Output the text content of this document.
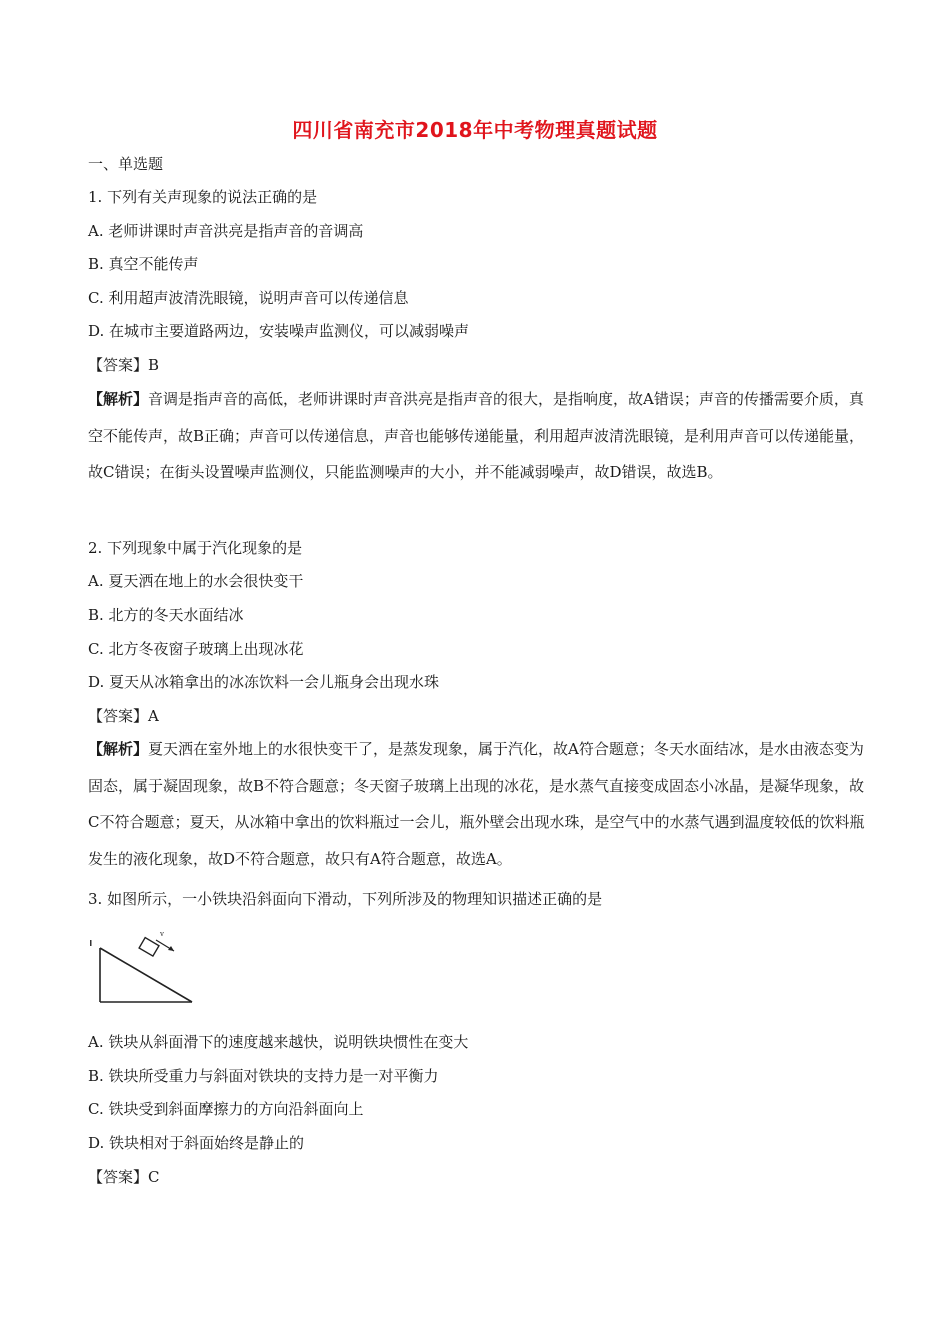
四川省南充市2018年中考物理真题试题
一、单选题
1. 下列有关声现象的说法正确的是
A. 老师讲课时声音洪亮是指声音的音调高
B. 真空不能传声
C. 利用超声波清洗眼镜，说明声音可以传递信息
D. 在城市主要道路两边，安装噪声监测仪，可以减弱噪声
【答案】B
【解析】音调是指声音的高低，老师讲课时声音洪亮是指声音的很大，是指响度，故A错误；声音的传播需要介质，真空不能传声，故B正确；声音可以传递信息，声音也能够传递能量，利用超声波清洗眼镜，是利用声音可以传递能量，故C错误；在街头设置噪声监测仪，只能监测噪声的大小，并不能减弱噪声，故D错误，故选B。
2. 下列现象中属于汽化现象的是
A. 夏天洒在地上的水会很快变干
B. 北方的冬天水面结冰
C. 北方冬夜窗子玻璃上出现冰花
D. 夏天从冰箱拿出的冰冻饮料一会儿瓶身会出现水珠
【答案】A
【解析】夏天洒在室外地上的水很快变干了，是蒸发现象，属于汽化，故A符合题意；冬天水面结冰，是水由液态变为固态，属于凝固现象，故B不符合题意；冬天窗子玻璃上出现的冰花，是水蒸气直接变成固态小冰晶，是凝华现象，故C不符合题意；夏天，从冰箱中拿出的饮料瓶过一会儿，瓶外壁会出现水珠，是空气中的水蒸气遇到温度较低的饮料瓶发生的液化现象，故D不符合题意，故只有A符合题意，故选A。
3. 如图所示，一小铁块沿斜面向下滑动，下列所涉及的物理知识描述正确的是
v
A. 铁块从斜面滑下的速度越来越快，说明铁块惯性在变大
B. 铁块所受重力与斜面对铁块的支持力是一对平衡力
C. 铁块受到斜面摩擦力的方向沿斜面向上
D. 铁块相对于斜面始终是静止的
【答案】C
